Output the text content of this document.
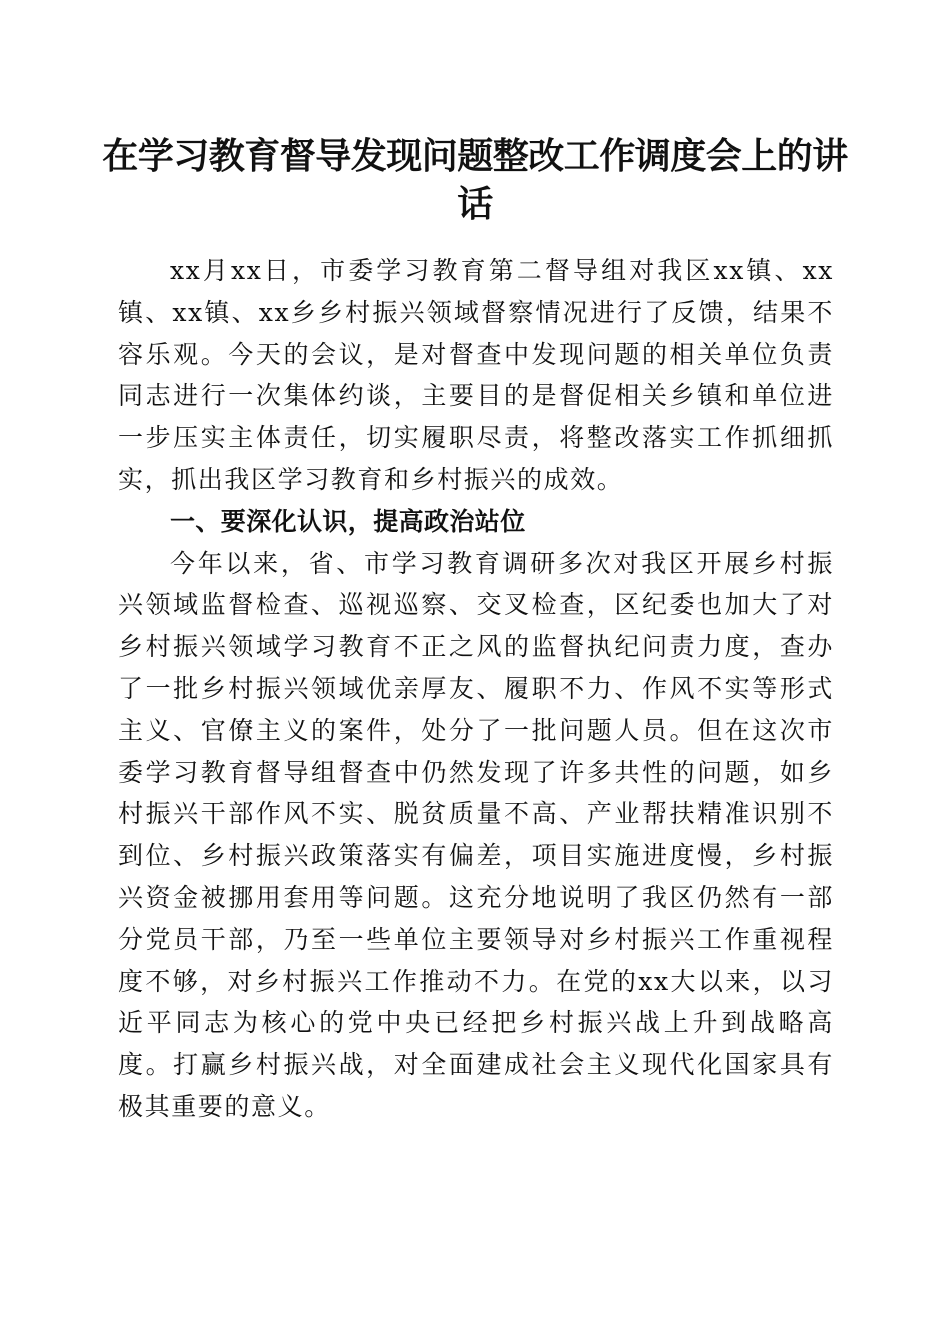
在学习教育督导发现问题整改工作调度会上的讲话

xx月xx日，市委学习教育第二督导组对我区xx镇、xx镇、xx镇、xx乡乡村振兴领域督察情况进行了反馈，结果不容乐观。今天的会议，是对督查中发现问题的相关单位负责同志进行一次集体约谈，主要目的是督促相关乡镇和单位进一步压实主体责任，切实履职尽责，将整改落实工作抓细抓实，抓出我区学习教育和乡村振兴的成效。

一、要深化认识，提高政治站位

今年以来，省、市学习教育调研多次对我区开展乡村振兴领域监督检查、巡视巡察、交叉检查，区纪委也加大了对乡村振兴领域学习教育不正之风的监督执纪问责力度，查办了一批乡村振兴领域优亲厚友、履职不力、作风不实等形式主义、官僚主义的案件，处分了一批问题人员。但在这次市委学习教育督导组督查中仍然发现了许多共性的问题，如乡村振兴干部作风不实、脱贫质量不高、产业帮扶精准识别不到位、乡村振兴政策落实有偏差，项目实施进度慢，乡村振兴资金被挪用套用等问题。这充分地说明了我区仍然有一部分党员干部，乃至一些单位主要领导对乡村振兴工作重视程度不够，对乡村振兴工作推动不力。在党的xx大以来，以习近平同志为核心的党中央已经把乡村振兴战上升到战略高度。打赢乡村振兴战，对全面建成社会主义现代化国家具有极其重要的意义。
